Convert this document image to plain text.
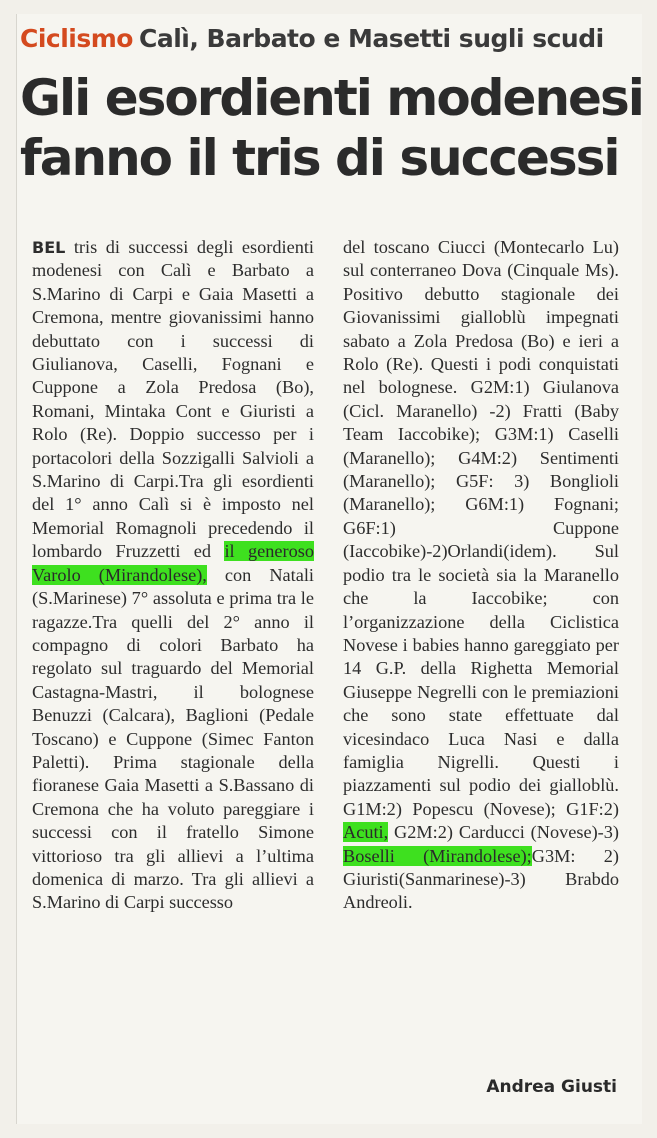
Ciclismo Calì, Barbato e Masetti sugli scudi
Gli esordienti modenesi
fanno il tris di successi
BEL tris di successi degli esordienti modenesi con Calì e Barbato a S.Marino di Carpi e Gaia Masetti a Cremona, mentre giovanissimi hanno debuttato con i successi di Giulianova, Caselli, Fognani e Cuppone a Zola Predosa (Bo), Romani, Mintaka Cont e Giuristi a Rolo (Re). Doppio successo per i portacolori della Sozzigalli Salvioli a S.Marino di Carpi.Tra gli esordienti del 1° anno Calì si è imposto nel Memorial Romagnoli precedendo il lombardo Fruzzetti ed il generoso Varolo (Mirandolese), con Natali (S.Marinese) 7° assoluta e prima tra le ragazze.Tra quelli del 2° anno il compagno di colori Barbato ha regolato sul traguardo del Memorial Castagna-Mastri, il bolognese Benuzzi (Calcara), Baglioni (Pedale Toscano) e Cuppone (Simec Fanton Paletti). Prima stagionale della fioranese Gaia Masetti a S.Bassano di Cremona che ha voluto pareggiare i successi con il fratello Simone vittorioso tra gli allievi a l’ultima domenica di marzo. Tra gli allievi a S.Marino di Carpi successo
del toscano Ciucci (Montecarlo Lu) sul conterraneo Dova (Cinquale Ms). Positivo debutto stagionale dei Giovanissimi gialloblù impegnati sabato a Zola Predosa (Bo) e ieri a Rolo (Re). Questi i podi conquistati nel bolognese. G2M:1) Giulanova (Cicl. Maranello) -2) Fratti (Baby Team Iaccobike); G3M:1) Caselli (Maranello); G4M:2) Sentimenti (Maranello); G5F: 3) Bonglioli (Maranello); G6M:1) Fognani; G6F:1) Cuppone (Iaccobike)-2)Orlandi(idem). Sul podio tra le società sia la Maranello che la Iaccobike; con l’organizzazione della Ciclistica Novese i babies hanno gareggiato per 14 G.P. della Righetta Memorial Giuseppe Negrelli con le premiazioni che sono state effettuate dal vicesindaco Luca Nasi e dalla famiglia Nigrelli. Questi i piazzamenti sul podio dei gialloblù. G1M:2) Popescu (Novese); G1F:2) Acuti, G2M:2) Carducci (Novese)-3) Boselli (Mirandolese);G3M: 2) Giuristi(Sanmarinese)-3) Brabdo Andreoli.
Andrea Giusti
